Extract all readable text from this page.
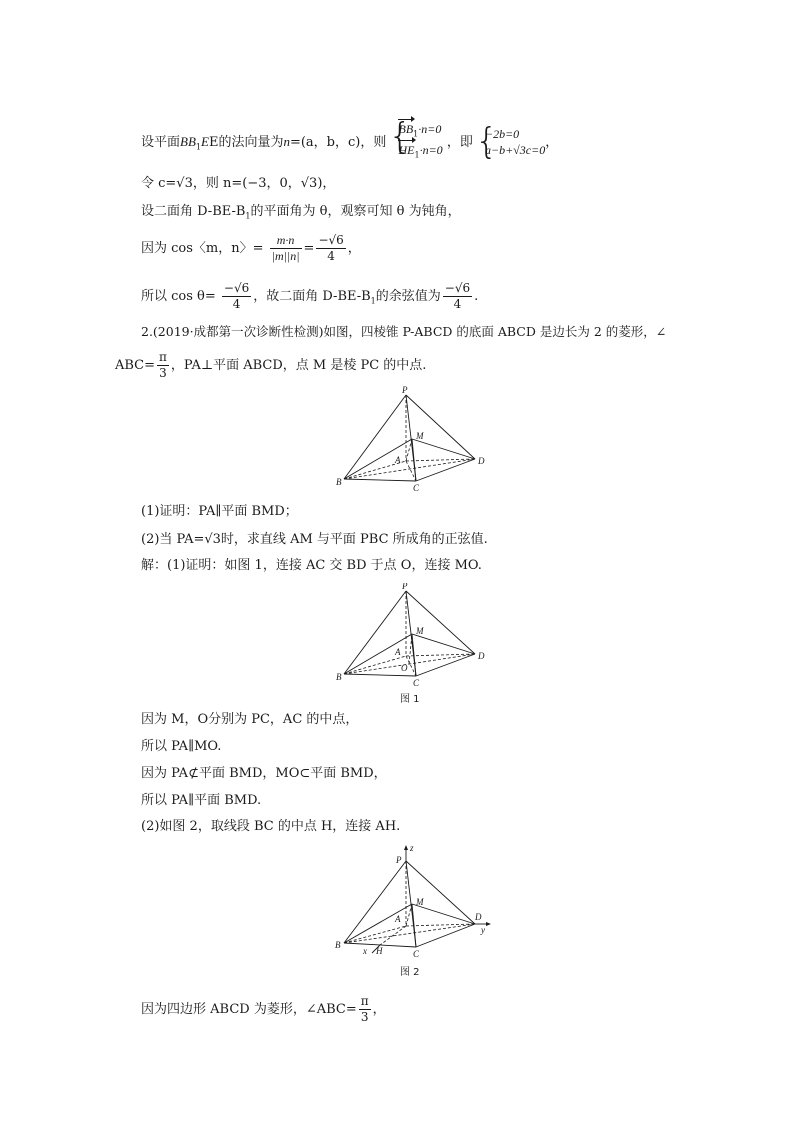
设平面$BB_1EE$的法向量为n=(a，b，c)，则
{ $BB_1\cdot n=0$
$HE_1\cdot n=0$
，即
{ −2b=0
a−b+√3c=0
，
令 c=√3，则 n=(−3，0，√3)，
设二面角 $D-BE-B_1$的平面角为 θ，观察可知 θ 为钝角，
因为 cos〈m，n〉= $\frac{m\cdot n}{|m||n|} = \frac{-√6}{4}$ ，
所以 $\cos \theta= \frac{-√6}{4}$ ，故二面角 $D-BE-B_1$的余弦值为 $\frac{-√6}{4}$ .
2.(2019·成都第一次诊断性检测)如图，四棱锥 P-ABCD 的底面 ABCD 是边长为 2 的菱形，∠
$ABC= \frac{\pi}{3}$ ，PA⊥平面 ABCD，点 M 是棱 PC 的中点.
P
M
A
B
C
D
(1)证明：PA∥平面 BMD；
(2)当 PA=√3时，求直线 AM 与平面 PBC 所成角的正弦值.
解：(1)证明：如图 1，连接 AC 交 BD 于点 O，连接 MO.
P
M
A
O
B
C
D
图 1
因为 M，O分别为 PC，AC 的中点，
所以 PA∥MO.
因为 PA⊄平面 BMD，MO⊂平面 BMD，
所以 PA∥平面 BMD.
(2)如图 2，取线段 BC 的中点 H，连接 AH.
P
z
M
A	D
y
B
x H	C
图 2
因为四边形 ABCD 为菱形，∠ABC= $\frac{\pi}{3}$ ，
